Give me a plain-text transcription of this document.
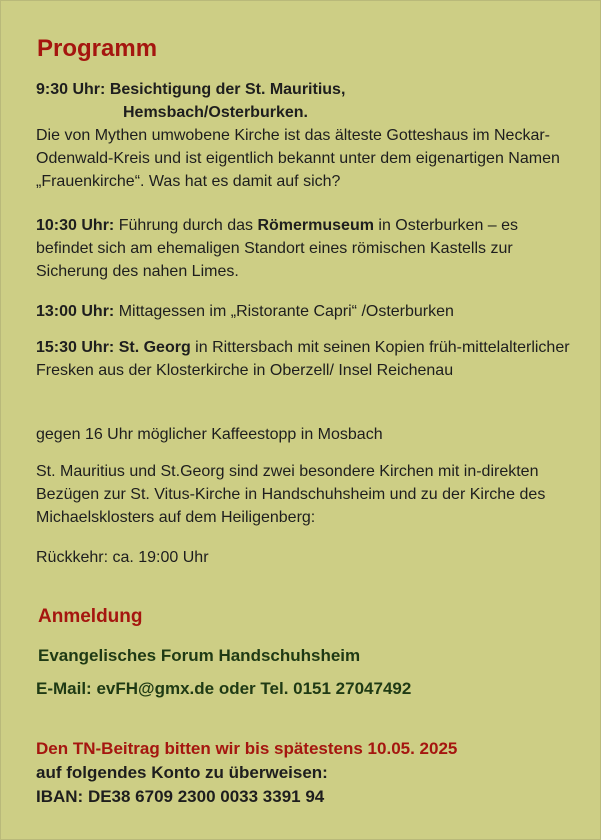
Programm

9:30 Uhr: Besichtigung der St. Mauritius,
Hemsbach/Osterburken.
Die von Mythen umwobene Kirche ist das älteste Gotteshaus im Neckar-Odenwald-Kreis und ist eigentlich bekannt unter dem eigenartigen Namen „Frauenkirche“. Was hat es damit auf sich?

10:30 Uhr: Führung durch das Römermuseum in Osterburken – es befindet sich am ehemaligen Standort eines römischen Kastells zur Sicherung des nahen Limes.

13:00 Uhr: Mittagessen im „Ristorante Capri“ /Osterburken

15:30 Uhr: St. Georg in Rittersbach mit seinen Kopien früh-mittelalterlicher Fresken aus der Klosterkirche in Oberzell/ Insel Reichenau

gegen 16 Uhr möglicher Kaffeestopp in Mosbach

St. Mauritius und St.Georg sind zwei besondere Kirchen mit in-direkten Bezügen zur St. Vitus-Kirche in Handschuhsheim und zu der Kirche des Michaelsklosters auf dem Heiligenberg:

Rückkehr: ca. 19:00 Uhr

Anmeldung

Evangelisches Forum Handschuhsheim

E-Mail: evFH@gmx.de oder Tel. 0151 27047492

Den TN-Beitrag bitten wir bis spätestens 10.05. 2025
auf folgendes Konto zu überweisen:
IBAN: DE38 6709 2300 0033 3391 94
